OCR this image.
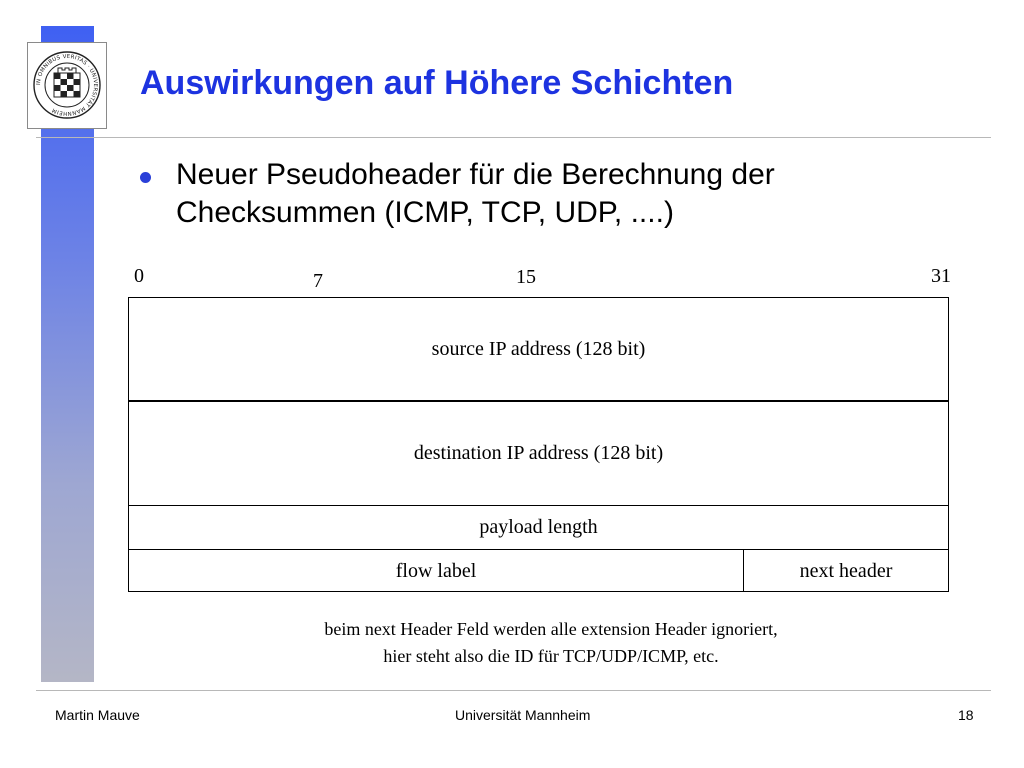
IN OMNIBUS VERITAS · UNIVERSITÄT MANNHEIM
Auswirkungen auf Höhere Schichten
Neuer Pseudoheader für die Berechnung der Checksummen (ICMP, TCP, UDP, ....)
0	7	15	31
source IP address (128 bit)
destination IP address (128 bit)
payload length
flow label	next header
beim next Header Feld werden alle extension Header ignoriert,
hier steht also die ID für TCP/UDP/ICMP, etc.
Martin Mauve	Universität Mannheim	18
